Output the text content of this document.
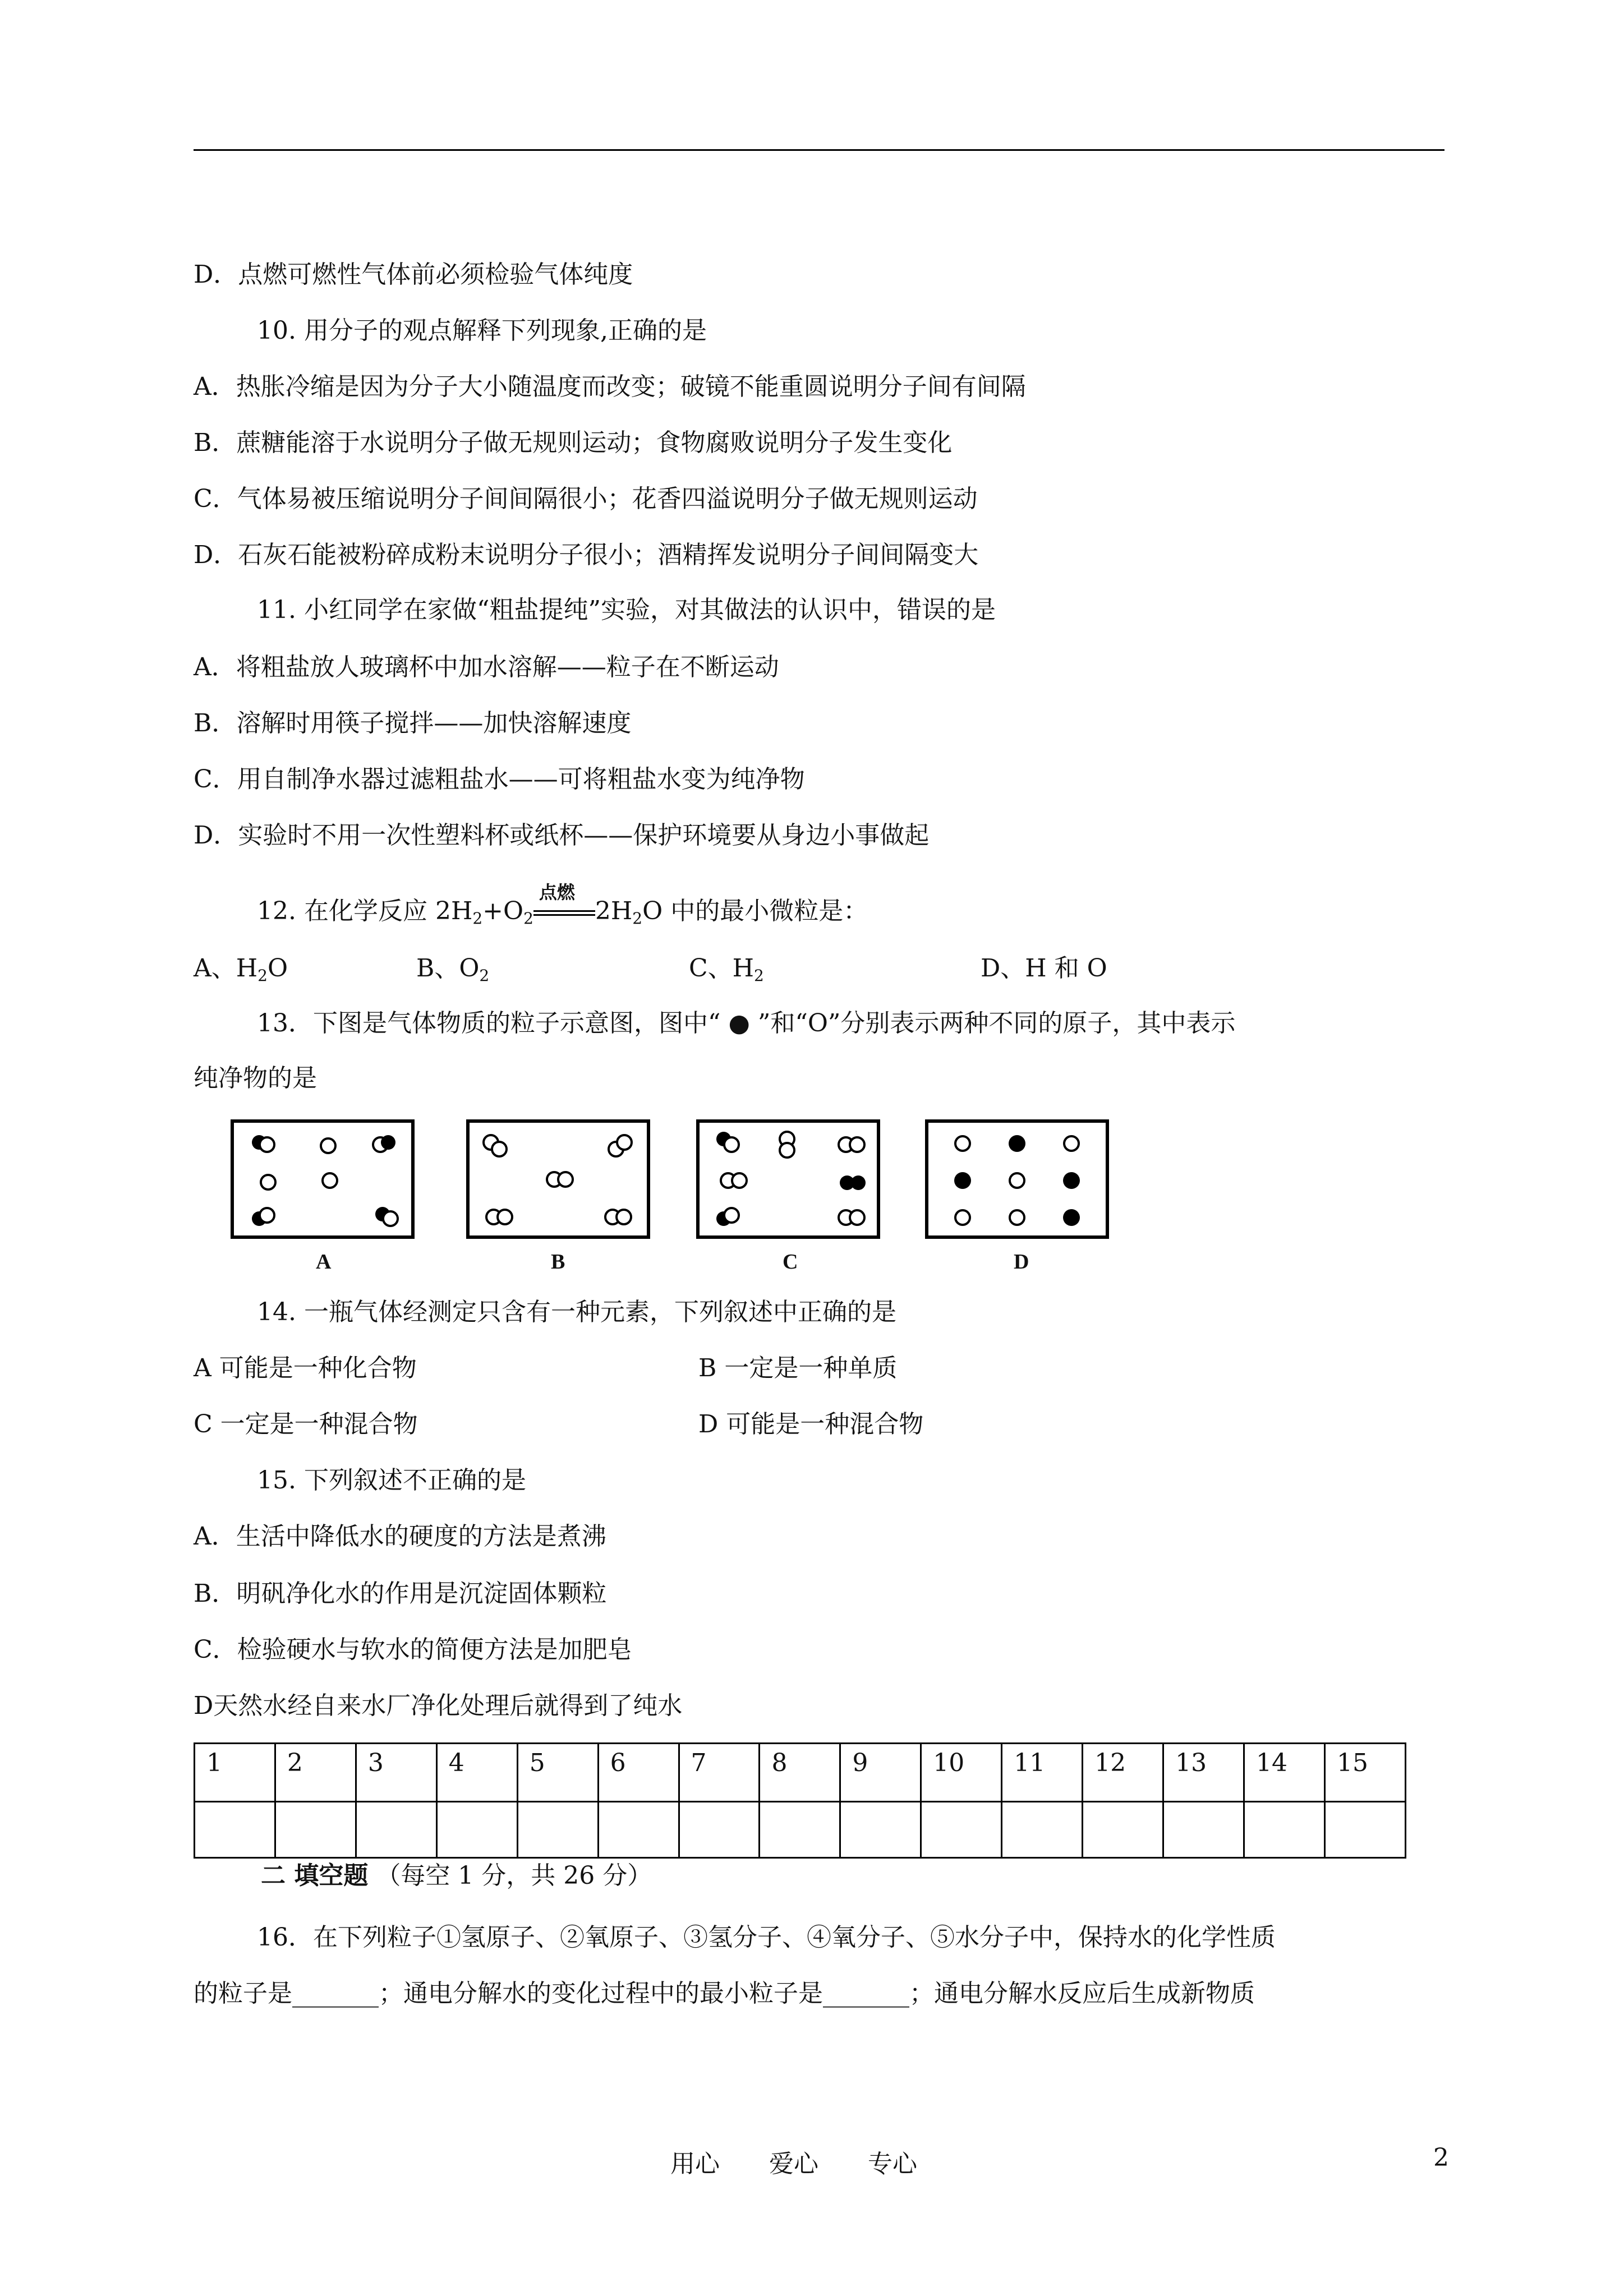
D．点燃可燃性气体前必须检验气体纯度
10. 用分子的观点解释下列现象,正确的是
A．热胀冷缩是因为分子大小随温度而改变；破镜不能重圆说明分子间有间隔
B．蔗糖能溶于水说明分子做无规则运动；食物腐败说明分子发生变化
C．气体易被压缩说明分子间间隔很小；花香四溢说明分子做无规则运动
D．石灰石能被粉碎成粉末说明分子很小；酒精挥发说明分子间间隔变大
11. 小红同学在家做“粗盐提纯”实验，对其做法的认识中，错误的是
A．将粗盐放人玻璃杯中加水溶解——粒子在不断运动
B．溶解时用筷子搅拌——加快溶解速度
C．用自制净水器过滤粗盐水——可将粗盐水变为纯净物
D．实验时不用一次性塑料杯或纸杯——保护环境要从身边小事做起
12. 在化学反应 $2H_2+O_2$
点燃
$2H_2O$ 中的最小微粒是：
A、$H_2O$	B、$O_2$	C、$H_2$	D、H 和 O
13．下图是气体物质的粒子示意图，图中“ ● ”和“O”分别表示两种不同的原子，其中表示
纯净物的是
A	B	C	D
14. 一瓶气体经测定只含有一种元素，下列叙述中正确的是
A 可能是一种化合物	B 一定是一种单质
C 一定是一种混合物	D 可能是一种混合物
15. 下列叙述不正确的是
A．生活中降低水的硬度的方法是煮沸
B．明矾净化水的作用是沉淀固体颗粒
C．检验硬水与软水的简便方法是加肥皂
D天然水经自来水厂净化处理后就得到了纯水
1	2	3	4	5	6	7	8	9	10	11	12	13	14	15

二 填空题 （每空 1 分，共 26 分）
16．在下列粒子①氢原子、②氧原子、③氢分子、④氧分子、⑤水分子中，保持水的化学性质
的粒子是_______；通电分解水的变化过程中的最小粒子是_______；通电分解水反应后生成新物质
用心　　爱心　　专心	2
